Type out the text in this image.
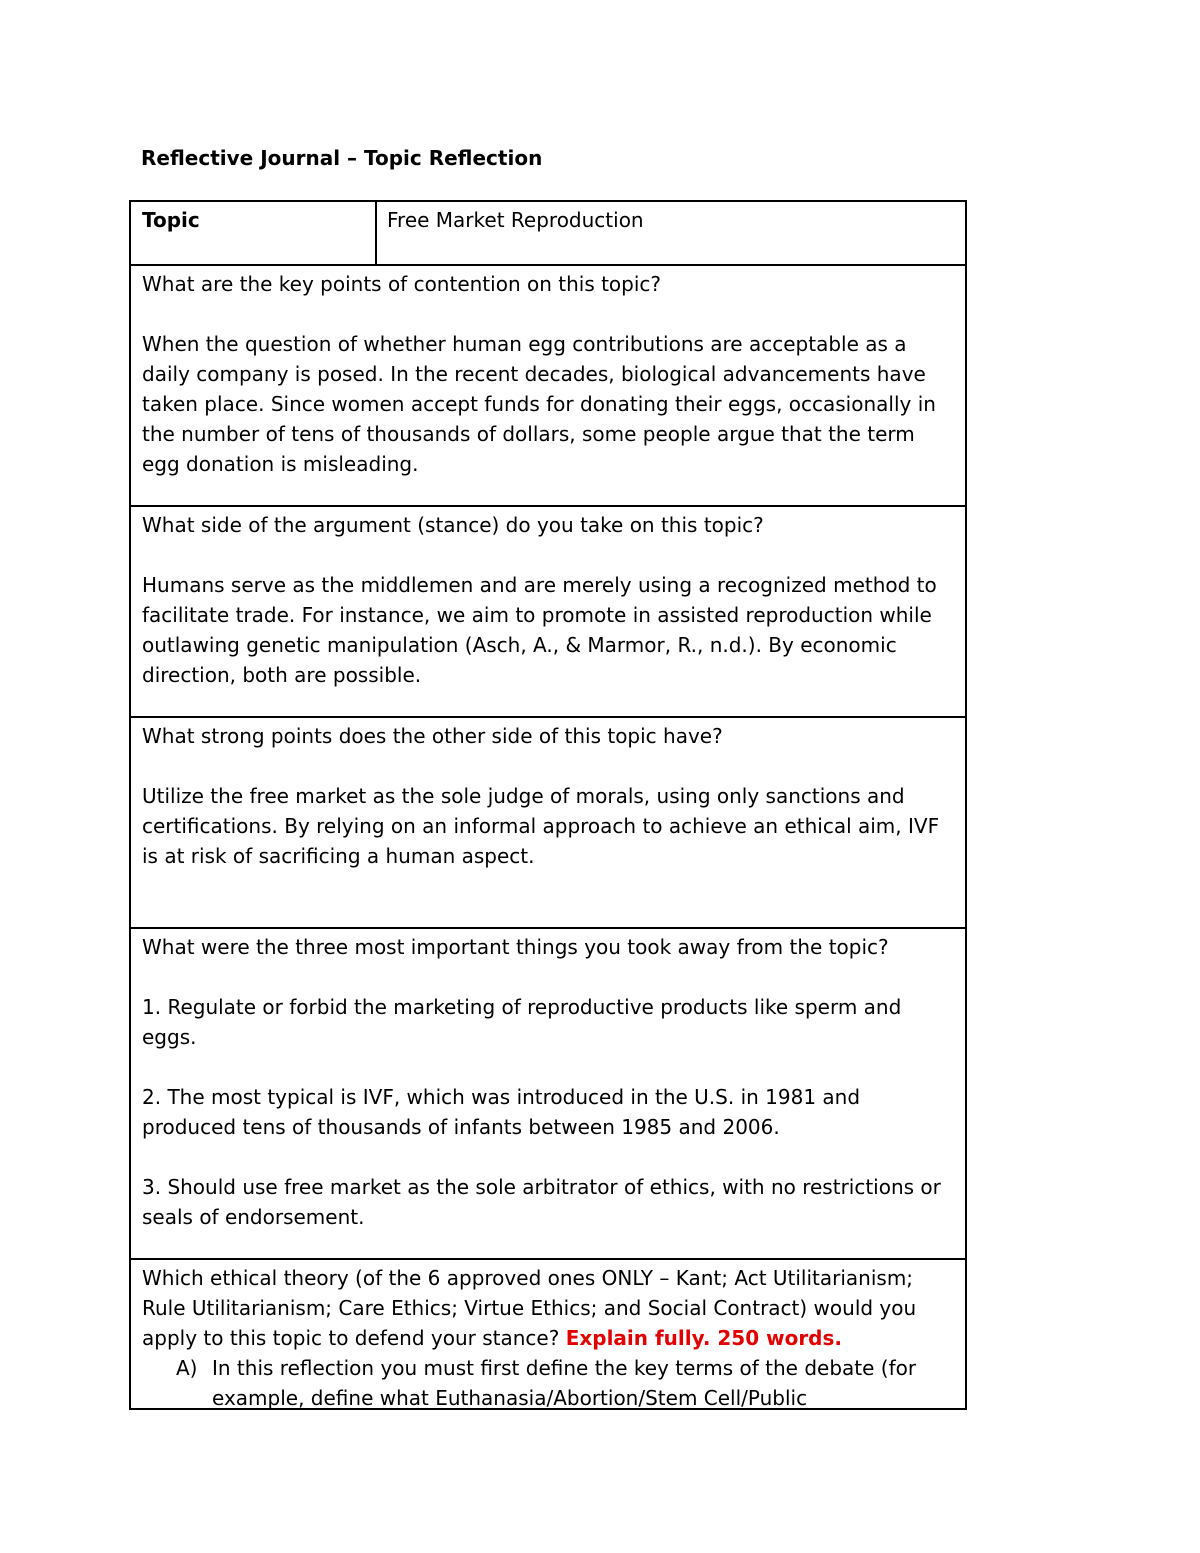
Reflective Journal – Topic Reflection
Topic	Free Market Reproduction

What are the key points of contention on this topic?

When the question of whether human egg contributions are acceptable as a daily company is posed. In the recent decades, biological advancements have taken place. Since women accept funds for donating their eggs, occasionally in the number of tens of thousands of dollars, some people argue that the term egg donation is misleading.

What side of the argument (stance) do you take on this topic?

Humans serve as the middlemen and are merely using a recognized method to facilitate trade. For instance, we aim to promote in assisted reproduction while outlawing genetic manipulation (Asch, A., & Marmor, R., n.d.). By economic direction, both are possible.

What strong points does the other side of this topic have?

Utilize the free market as the sole judge of morals, using only sanctions and certifications. By relying on an informal approach to achieve an ethical aim, IVF is at risk of sacrificing a human aspect.

What were the three most important things you took away from the topic?

1. Regulate or forbid the marketing of reproductive products like sperm and eggs.

2. The most typical is IVF, which was introduced in the U.S. in 1981 and produced tens of thousands of infants between 1985 and 2006.

3. Should use free market as the sole arbitrator of ethics, with no restrictions or seals of endorsement.

Which ethical theory (of the 6 approved ones ONLY – Kant; Act Utilitarianism; Rule Utilitarianism; Care Ethics; Virtue Ethics; and Social Contract) would you apply to this topic to defend your stance? Explain fully. 250 words.

A) In this reflection you must first define the key terms of the debate (for example, define what Euthanasia/Abortion/Stem Cell/Public
